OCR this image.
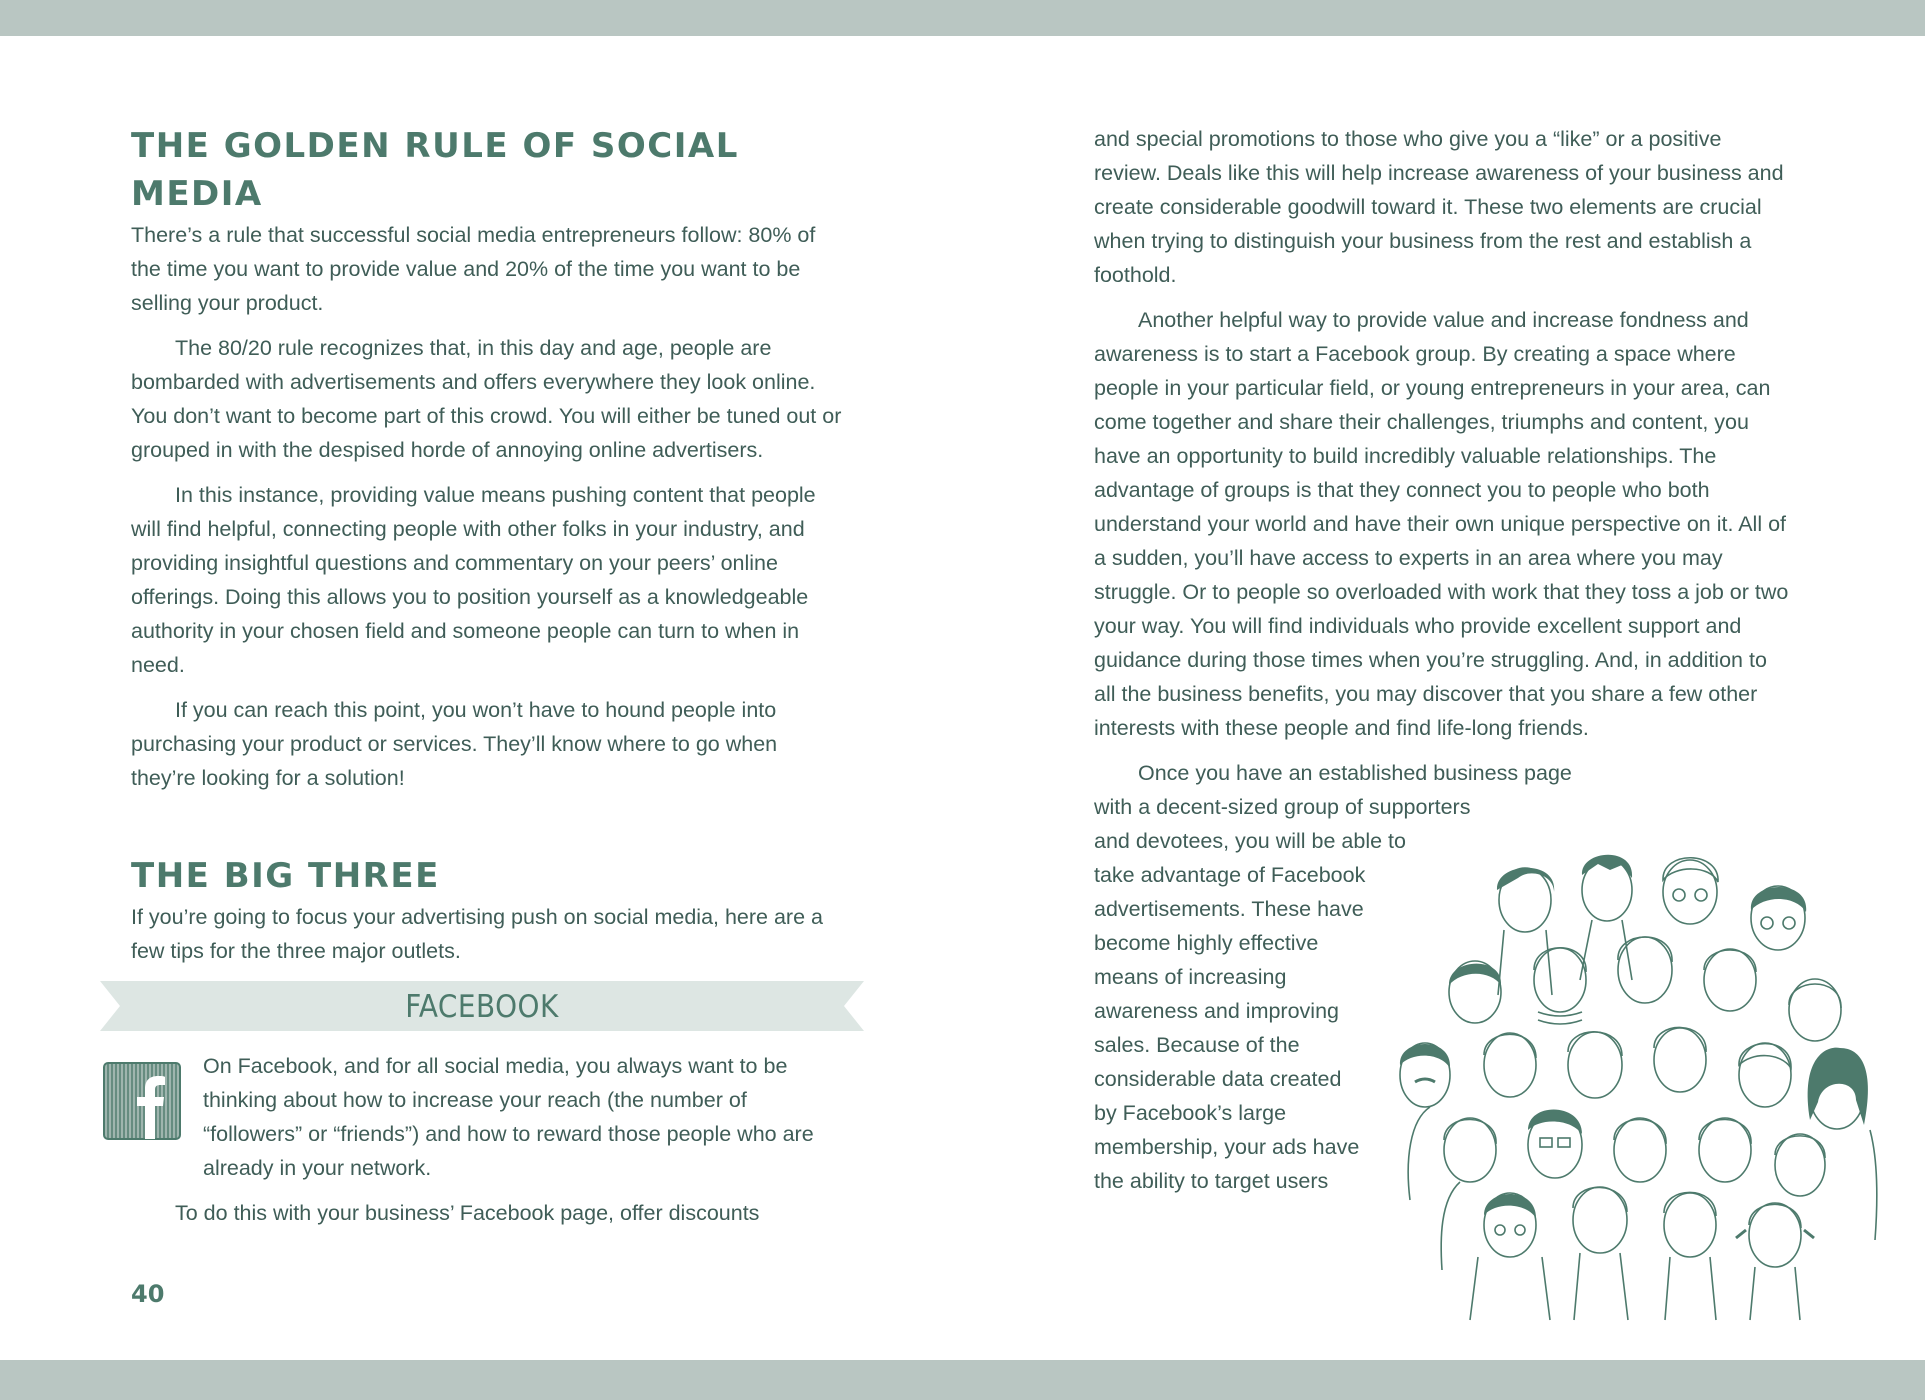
THE GOLDEN RULE OF SOCIAL MEDIA

There’s a rule that successful social media entrepreneurs follow: 80% of the time you want to provide value and 20% of the time you want to be selling your product.

The 80/20 rule recognizes that, in this day and age, people are bombarded with advertisements and offers everywhere they look online. You don’t want to become part of this crowd. You will either be tuned out or grouped in with the despised horde of annoying online advertisers.

In this instance, providing value means pushing content that people will find helpful, connecting people with other folks in your industry, and providing insightful questions and commentary on your peers’ online offerings. Doing this allows you to position yourself as a knowledgeable authority in your chosen field and someone people can turn to when in need.

If you can reach this point, you won’t have to hound people into purchasing your product or services. They’ll know where to go when they’re looking for a solution!

THE BIG THREE

If you’re going to focus your advertising push on social media, here are a few tips for the three major outlets.

FACEBOOK

On Facebook, and for all social media, you always want to be thinking about how to increase your reach (the number of “followers” or “friends”) and how to reward those people who are already in your network.

To do this with your business’ Facebook page, offer discounts

40

and special promotions to those who give you a “like” or a positive review. Deals like this will help increase awareness of your business and create considerable goodwill toward it. These two elements are crucial when trying to distinguish your business from the rest and establish a foothold.

Another helpful way to provide value and increase fondness and awareness is to start a Facebook group. By creating a space where people in your particular field, or young entrepreneurs in your area, can come together and share their challenges, triumphs and content, you have an opportunity to build incredibly valuable relationships. The advantage of groups is that they connect you to people who both understand your world and have their own unique perspective on it. All of a sudden, you’ll have access to experts in an area where you may struggle. Or to people so overloaded with work that they toss a job or two your way. You will find individuals who provide excellent support and guidance during those times when you’re struggling. And, in addition to all the business benefits, you may discover that you share a few other interests with these people and find life-long friends.

Once you have an established business page
with a decent-sized group of supporters
and devotees, you will be able to
take advantage of Facebook
advertisements. These have
become highly effective
means of increasing
awareness and improving
sales. Because of the
considerable data created
by Facebook’s large
membership, your ads have
the ability to target users
